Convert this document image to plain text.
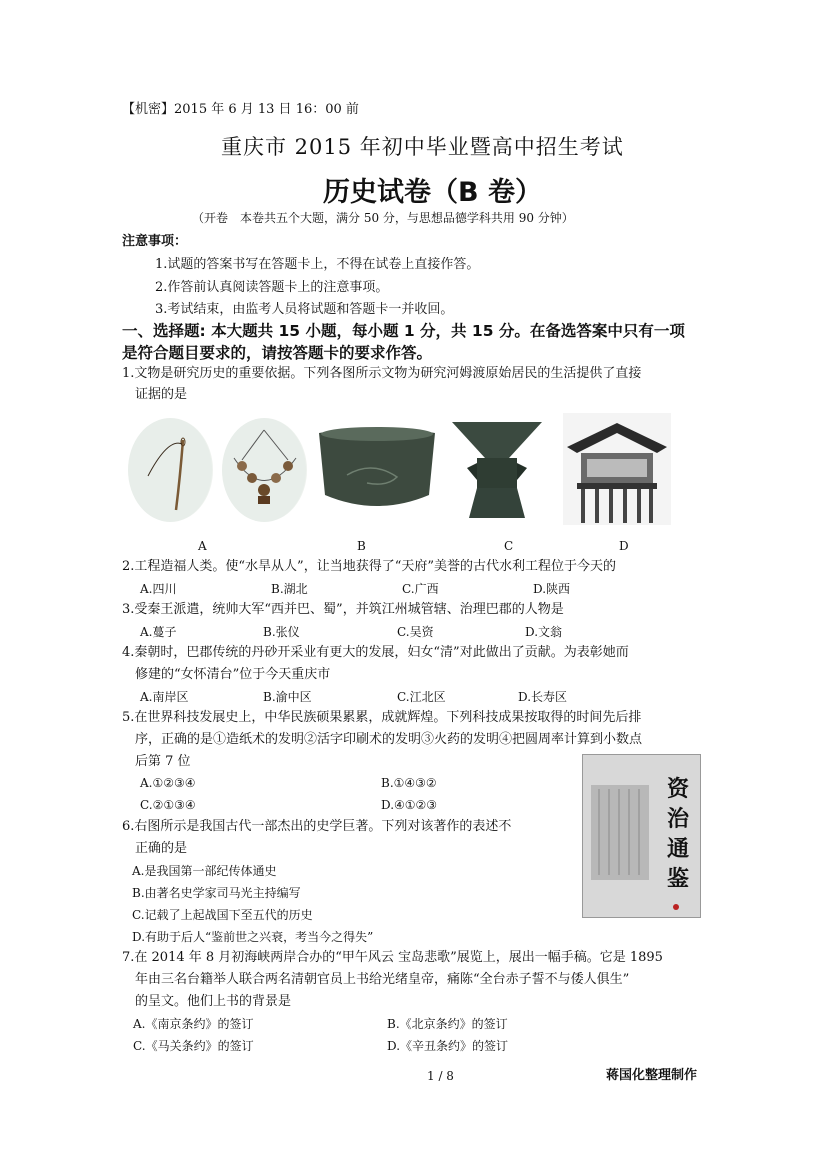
【机密】2015 年 6 月 13 日 16：00 前
重庆市 2015 年初中毕业暨高中招生考试
历史试卷（B 卷）
（开卷　本卷共五个大题，满分 50 分，与思想品德学科共用 90 分钟）
注意事项：
1.试题的答案书写在答题卡上，不得在试卷上直接作答。
2.作答前认真阅读答题卡上的注意事项。
3.考试结束，由监考人员将试题和答题卡一并收回。
一、选择题: 本大题共 15 小题，每小题 1 分，共 15 分。在备选答案中只有一项
是符合题目要求的，请按答题卡的要求作答。
1.文物是研究历史的重要依据。下列各图所示文物为研究河姆渡原始居民的生活提供了直接
证据的是
A	B	C	D
2.工程造福人类。使“水旱从人”，让当地获得了“天府”美誉的古代水利工程位于今天的
A.四川	B.湖北	C.广西	D.陕西
3.受秦王派遣，统帅大军“西并巴、蜀”，并筑江州城管辖、治理巴郡的人物是
A.蔓子	B.张仪	C.吴资	D.文翁
4.秦朝时，巴郡传统的丹砂开采业有更大的发展，妇女“清”对此做出了贡献。为表彰她而
修建的“女怀清台”位于今天重庆市
A.南岸区	B.渝中区	C.江北区	D.长寿区
5.在世界科技发展史上，中华民族硕果累累，成就辉煌。下列科技成果按取得的时间先后排
序，正确的是①造纸术的发明②活字印刷术的发明③火药的发明④把圆周率计算到小数点
后第 7 位
A.①②③④	B.①④③②
C.②①③④	D.④①②③
资治通鉴
6.右图所示是我国古代一部杰出的史学巨著。下列对该著作的表述不
正确的是
A.是我国第一部纪传体通史
B.由著名史学家司马光主持编写
C.记载了上起战国下至五代的历史
D.有助于后人“鉴前世之兴衰，考当今之得失”
7.在 2014 年 8 月初海峡两岸合办的“甲午风云 宝岛悲歌”展览上，展出一幅手稿。它是 1895
年由三名台籍举人联合两名清朝官员上书给光绪皇帝，痛陈“全台赤子誓不与倭人俱生”
的呈文。他们上书的背景是
A.《南京条约》的签订	B.《北京条约》的签订
C.《马关条约》的签订	D.《辛丑条约》的签订
1 / 8	蒋国化整理制作
